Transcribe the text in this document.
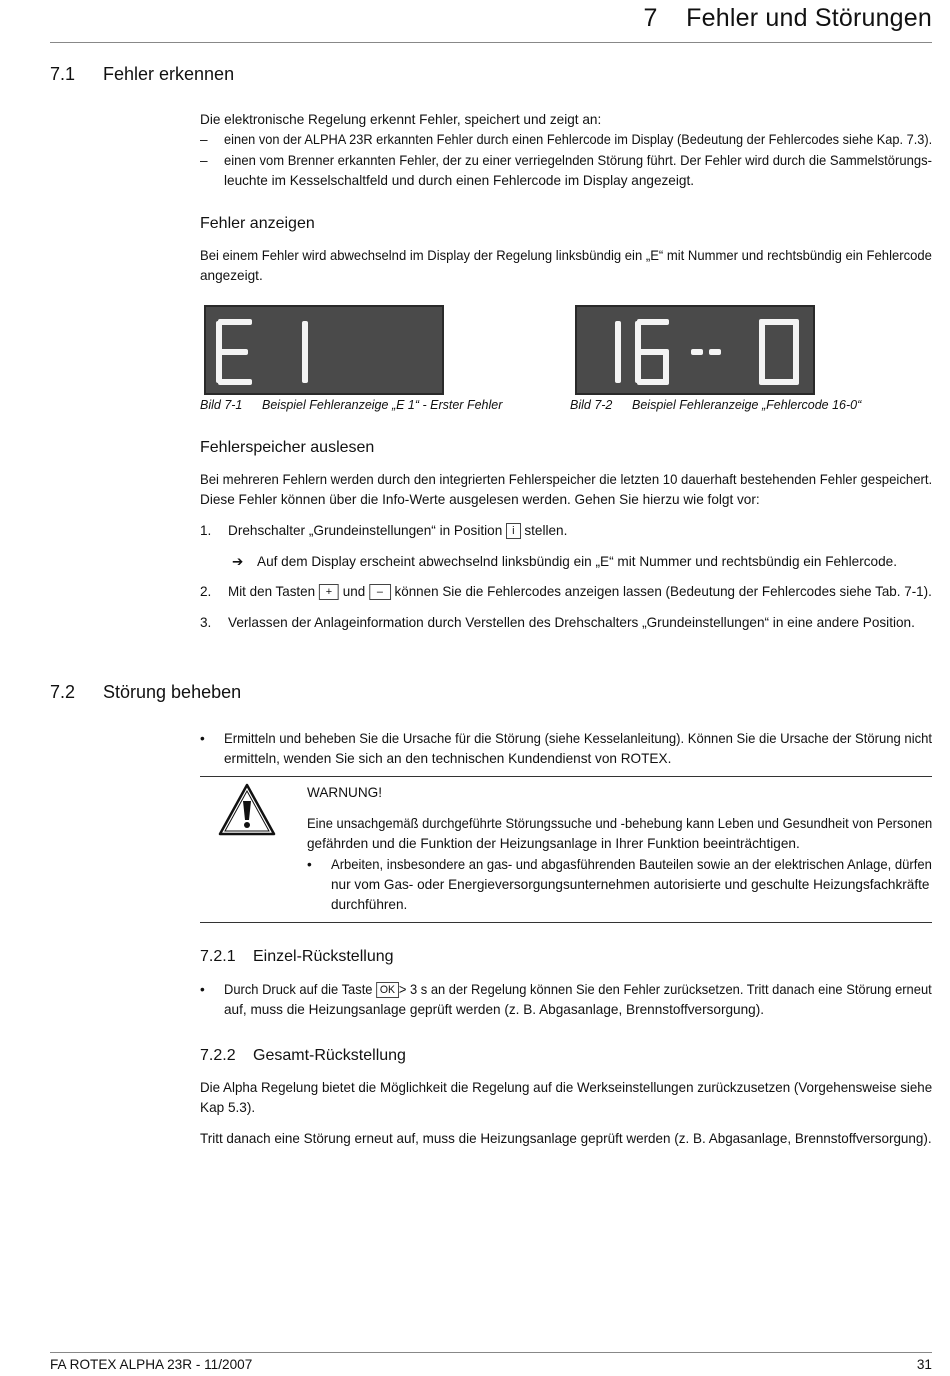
7    Fehler und Störungen
7.1 Fehler erkennen
Die elektronische Regelung erkennt Fehler, speichert und zeigt an:
– einen von der ALPHA 23R erkannten Fehler durch einen Fehlercode im Display (Bedeutung der Fehlercodes siehe Kap. 7.3).
– einen vom Brenner erkannten Fehler, der zu einer verriegelnden Störung führt. Der Fehler wird durch die Sammelstörungs-
leuchte im Kesselschaltfeld und durch einen Fehlercode im Display angezeigt.
Fehler anzeigen
Bei einem Fehler wird abwechselnd im Display der Regelung linksbündig ein „E“ mit Nummer und rechtsbündig ein Fehlercode
angezeigt.
Bild 7-1 Beispiel Fehleranzeige „E 1“ - Erster Fehler	Bild 7-2 Beispiel Fehleranzeige „Fehlercode 16-0“
Fehlerspeicher auslesen
Bei mehreren Fehlern werden durch den integrierten Fehlerspeicher die letzten 10 dauerhaft bestehenden Fehler gespeichert.
Diese Fehler können über die Info-Werte ausgelesen werden. Gehen Sie hierzu wie folgt vor:
1. Drehschalter „Grundeinstellungen“ in Position i stellen.
➔ Auf dem Display erscheint abwechselnd linksbündig ein „E“ mit Nummer und rechtsbündig ein Fehlercode.
2. Mit den Tasten + und – können Sie die Fehlercodes anzeigen lassen (Bedeutung der Fehlercodes siehe Tab. 7-1).
3. Verlassen der Anlageinformation durch Verstellen des Drehschalters „Grundeinstellungen“ in eine andere Position.
7.2 Störung beheben
• Ermitteln und beheben Sie die Ursache für die Störung (siehe Kesselanleitung). Können Sie die Ursache der Störung nicht
ermitteln, wenden Sie sich an den technischen Kundendienst von ROTEX.
WARNUNG!
Eine unsachgemäß durchgeführte Störungssuche und -behebung kann Leben und Gesundheit von Personen
gefährden und die Funktion der Heizungsanlage in Ihrer Funktion beeinträchtigen.
• Arbeiten, insbesondere an gas- und abgasführenden Bauteilen sowie an der elektrischen Anlage, dürfen
nur vom Gas- oder Energieversorgungsunternehmen autorisierte und geschulte Heizungsfachkräfte
durchführen.
7.2.1 Einzel-Rückstellung
• Durch Druck auf die Taste OK > 3 s an der Regelung können Sie den Fehler zurücksetzen. Tritt danach eine Störung erneut
auf, muss die Heizungsanlage geprüft werden (z. B. Abgasanlage, Brennstoffversorgung).
7.2.2 Gesamt-Rückstellung
Die Alpha Regelung bietet die Möglichkeit die Regelung auf die Werkseinstellungen zurückzusetzen (Vorgehensweise siehe
Kap 5.3).
Tritt danach eine Störung erneut auf, muss die Heizungsanlage geprüft werden (z. B. Abgasanlage, Brennstoffversorgung).
FA ROTEX ALPHA 23R - 11/2007	31
